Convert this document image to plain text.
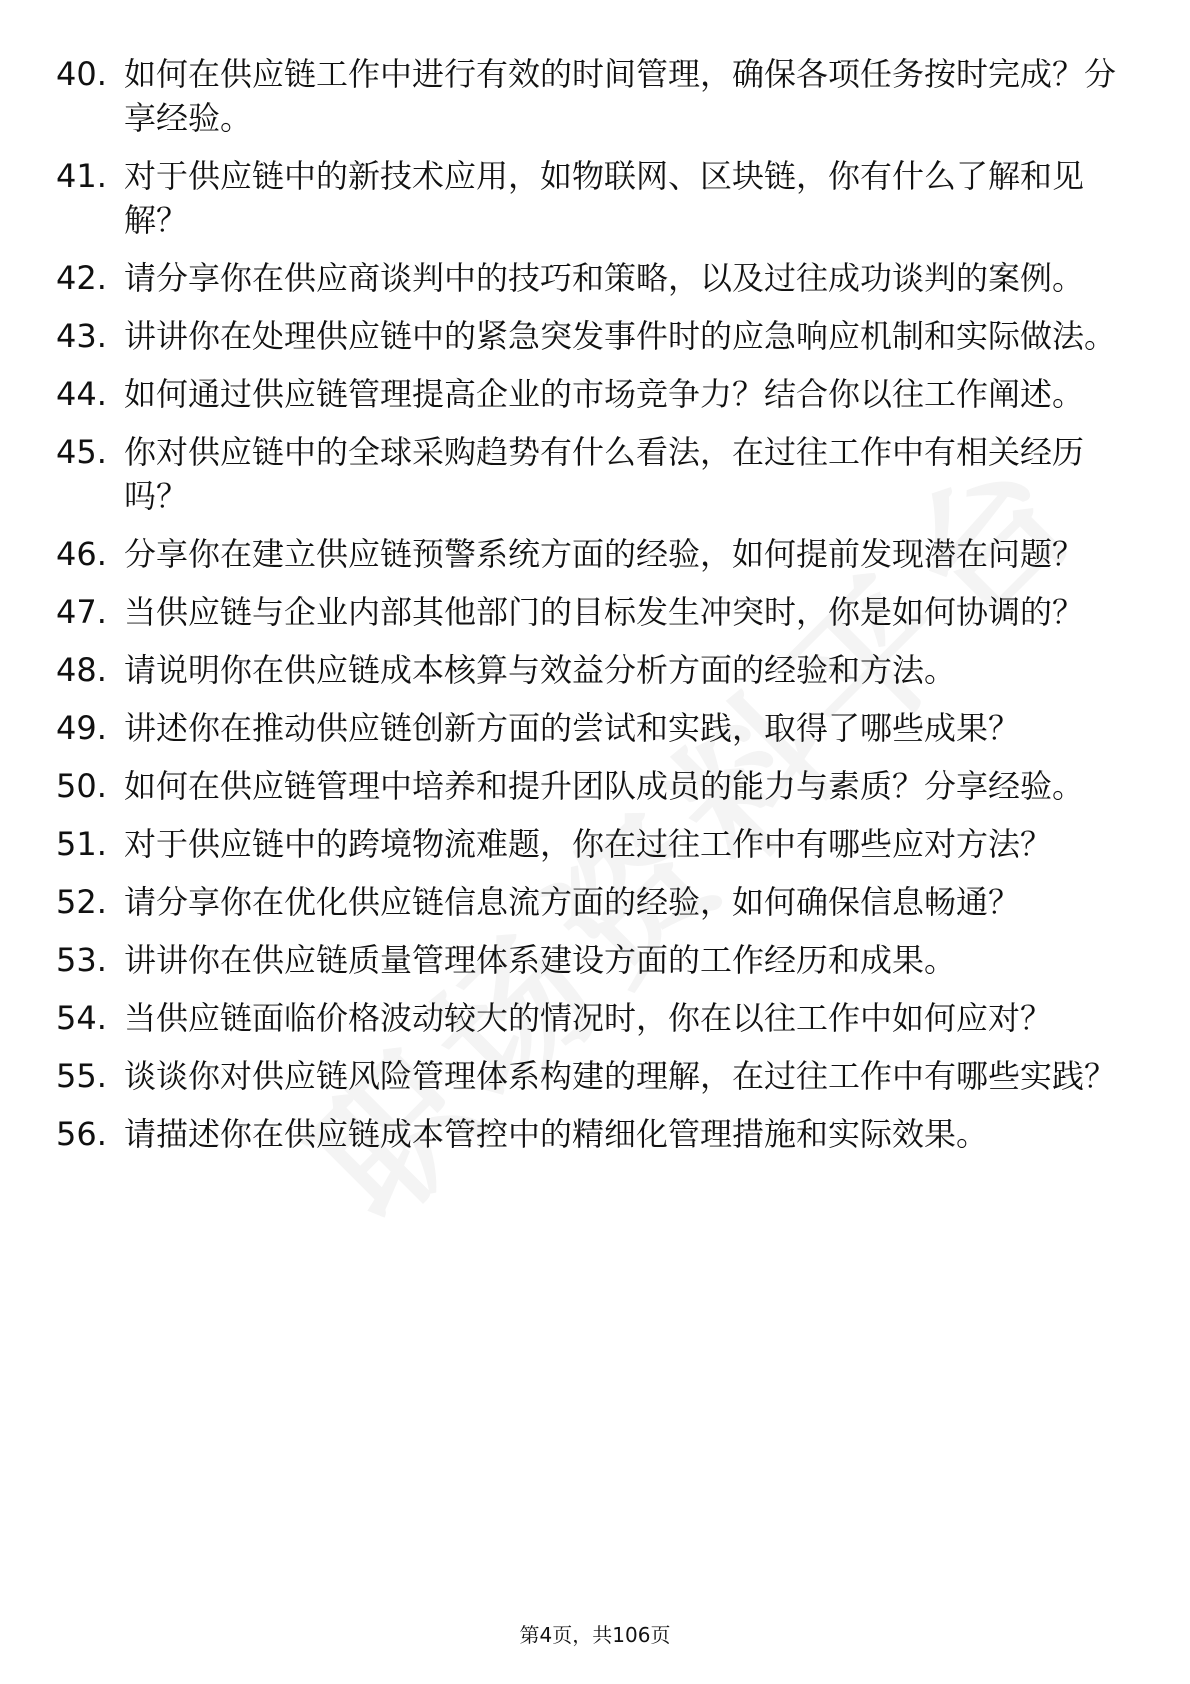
40. 如何在供应链工作中进行有效的时间管理，确保各项任务按时完成？分享经验。
41. 对于供应链中的新技术应用，如物联网、区块链，你有什么了解和见解？
42. 请分享你在供应商谈判中的技巧和策略，以及过往成功谈判的案例。
43. 讲讲你在处理供应链中的紧急突发事件时的应急响应机制和实际做法。
44. 如何通过供应链管理提高企业的市场竞争力？结合你以往工作阐述。
45. 你对供应链中的全球采购趋势有什么看法，在过往工作中有相关经历吗？
46. 分享你在建立供应链预警系统方面的经验，如何提前发现潜在问题？
47. 当供应链与企业内部其他部门的目标发生冲突时，你是如何协调的？
48. 请说明你在供应链成本核算与效益分析方面的经验和方法。
49. 讲述你在推动供应链创新方面的尝试和实践，取得了哪些成果？
50. 如何在供应链管理中培养和提升团队成员的能力与素质？分享经验。
51. 对于供应链中的跨境物流难题，你在过往工作中有哪些应对方法？
52. 请分享你在优化供应链信息流方面的经验，如何确保信息畅通？
53. 讲讲你在供应链质量管理体系建设方面的工作经历和成果。
54. 当供应链面临价格波动较大的情况时，你在以往工作中如何应对？
55. 谈谈你对供应链风险管理体系构建的理解，在过往工作中有哪些实践？
56. 请描述你在供应链成本管控中的精细化管理措施和实际效果。
第4页，共106页
